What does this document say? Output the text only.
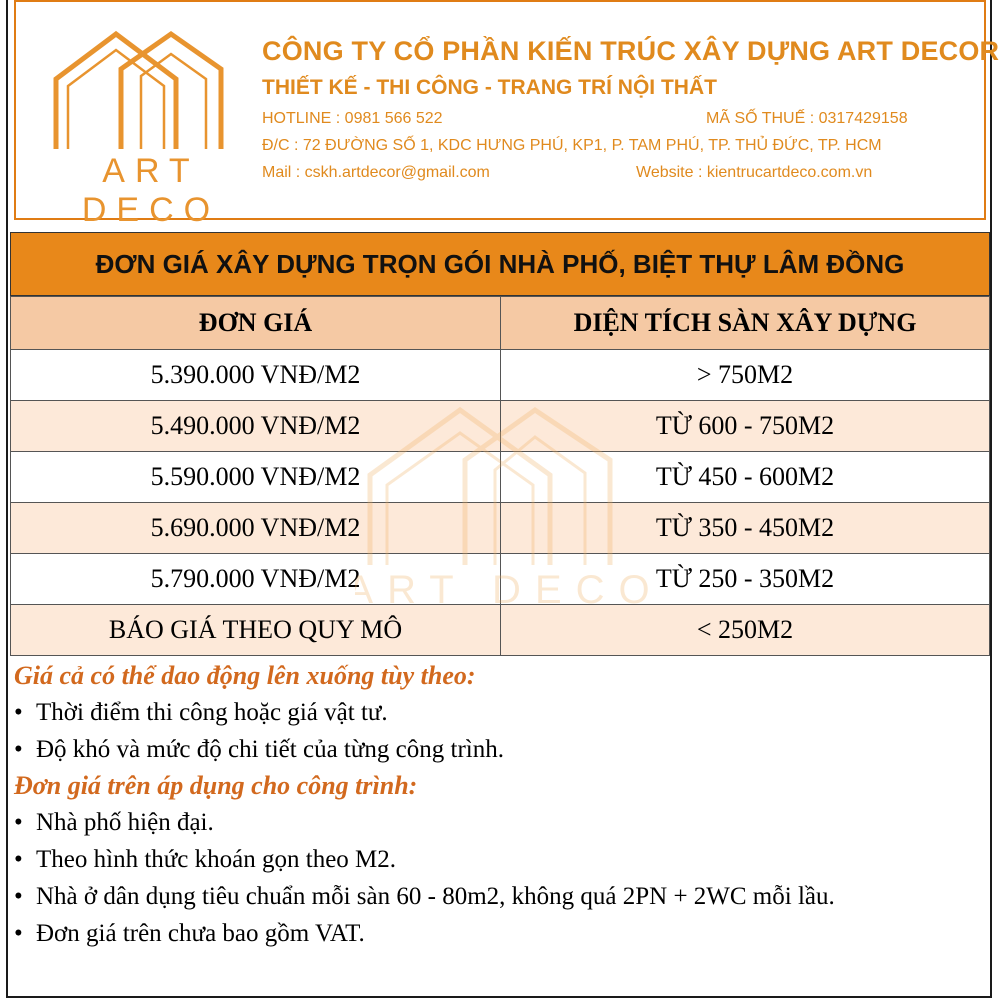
ART DECO
CÔNG TY CỔ PHẦN KIẾN TRÚC XÂY DỰNG ART DECOR
THIẾT KẾ - THI CÔNG - TRANG TRÍ NỘI THẤT
HOTLINE : 0981 566 522	MÃ SỐ THUẾ : 0317429158
Đ/C : 72 ĐƯỜNG SỐ 1, KDC HƯNG PHÚ, KP1, P. TAM PHÚ, TP. THỦ ĐỨC, TP. HCM
Mail : cskh.artdecor@gmail.com	Website : kientrucartdeco.com.vn
ĐƠN GIÁ XÂY DỰNG TRỌN GÓI NHÀ PHỐ, BIỆT THỰ LÂM ĐỒNG
ĐƠN GIÁ	DIỆN TÍCH SÀN XÂY DỰNG
5.390.000 VNĐ/M2	> 750M2
5.490.000 VNĐ/M2	TỪ 600 - 750M2
5.590.000 VNĐ/M2	TỪ 450 - 600M2
5.690.000 VNĐ/M2	TỪ 350 - 450M2
5.790.000 VNĐ/M2	TỪ 250 - 350M2
BÁO GIÁ THEO QUY MÔ	< 250M2
ART DECO
Giá cả có thể dao động lên xuống tùy theo:
• Thời điểm thi công hoặc giá vật tư.
• Độ khó và mức độ chi tiết của từng công trình.
Đơn giá trên áp dụng cho công trình:
• Nhà phố hiện đại.
• Theo hình thức khoán gọn theo M2.
• Nhà ở dân dụng tiêu chuẩn mỗi sàn 60 - 80m2, không quá 2PN + 2WC mỗi lầu.
• Đơn giá trên chưa bao gồm VAT.
